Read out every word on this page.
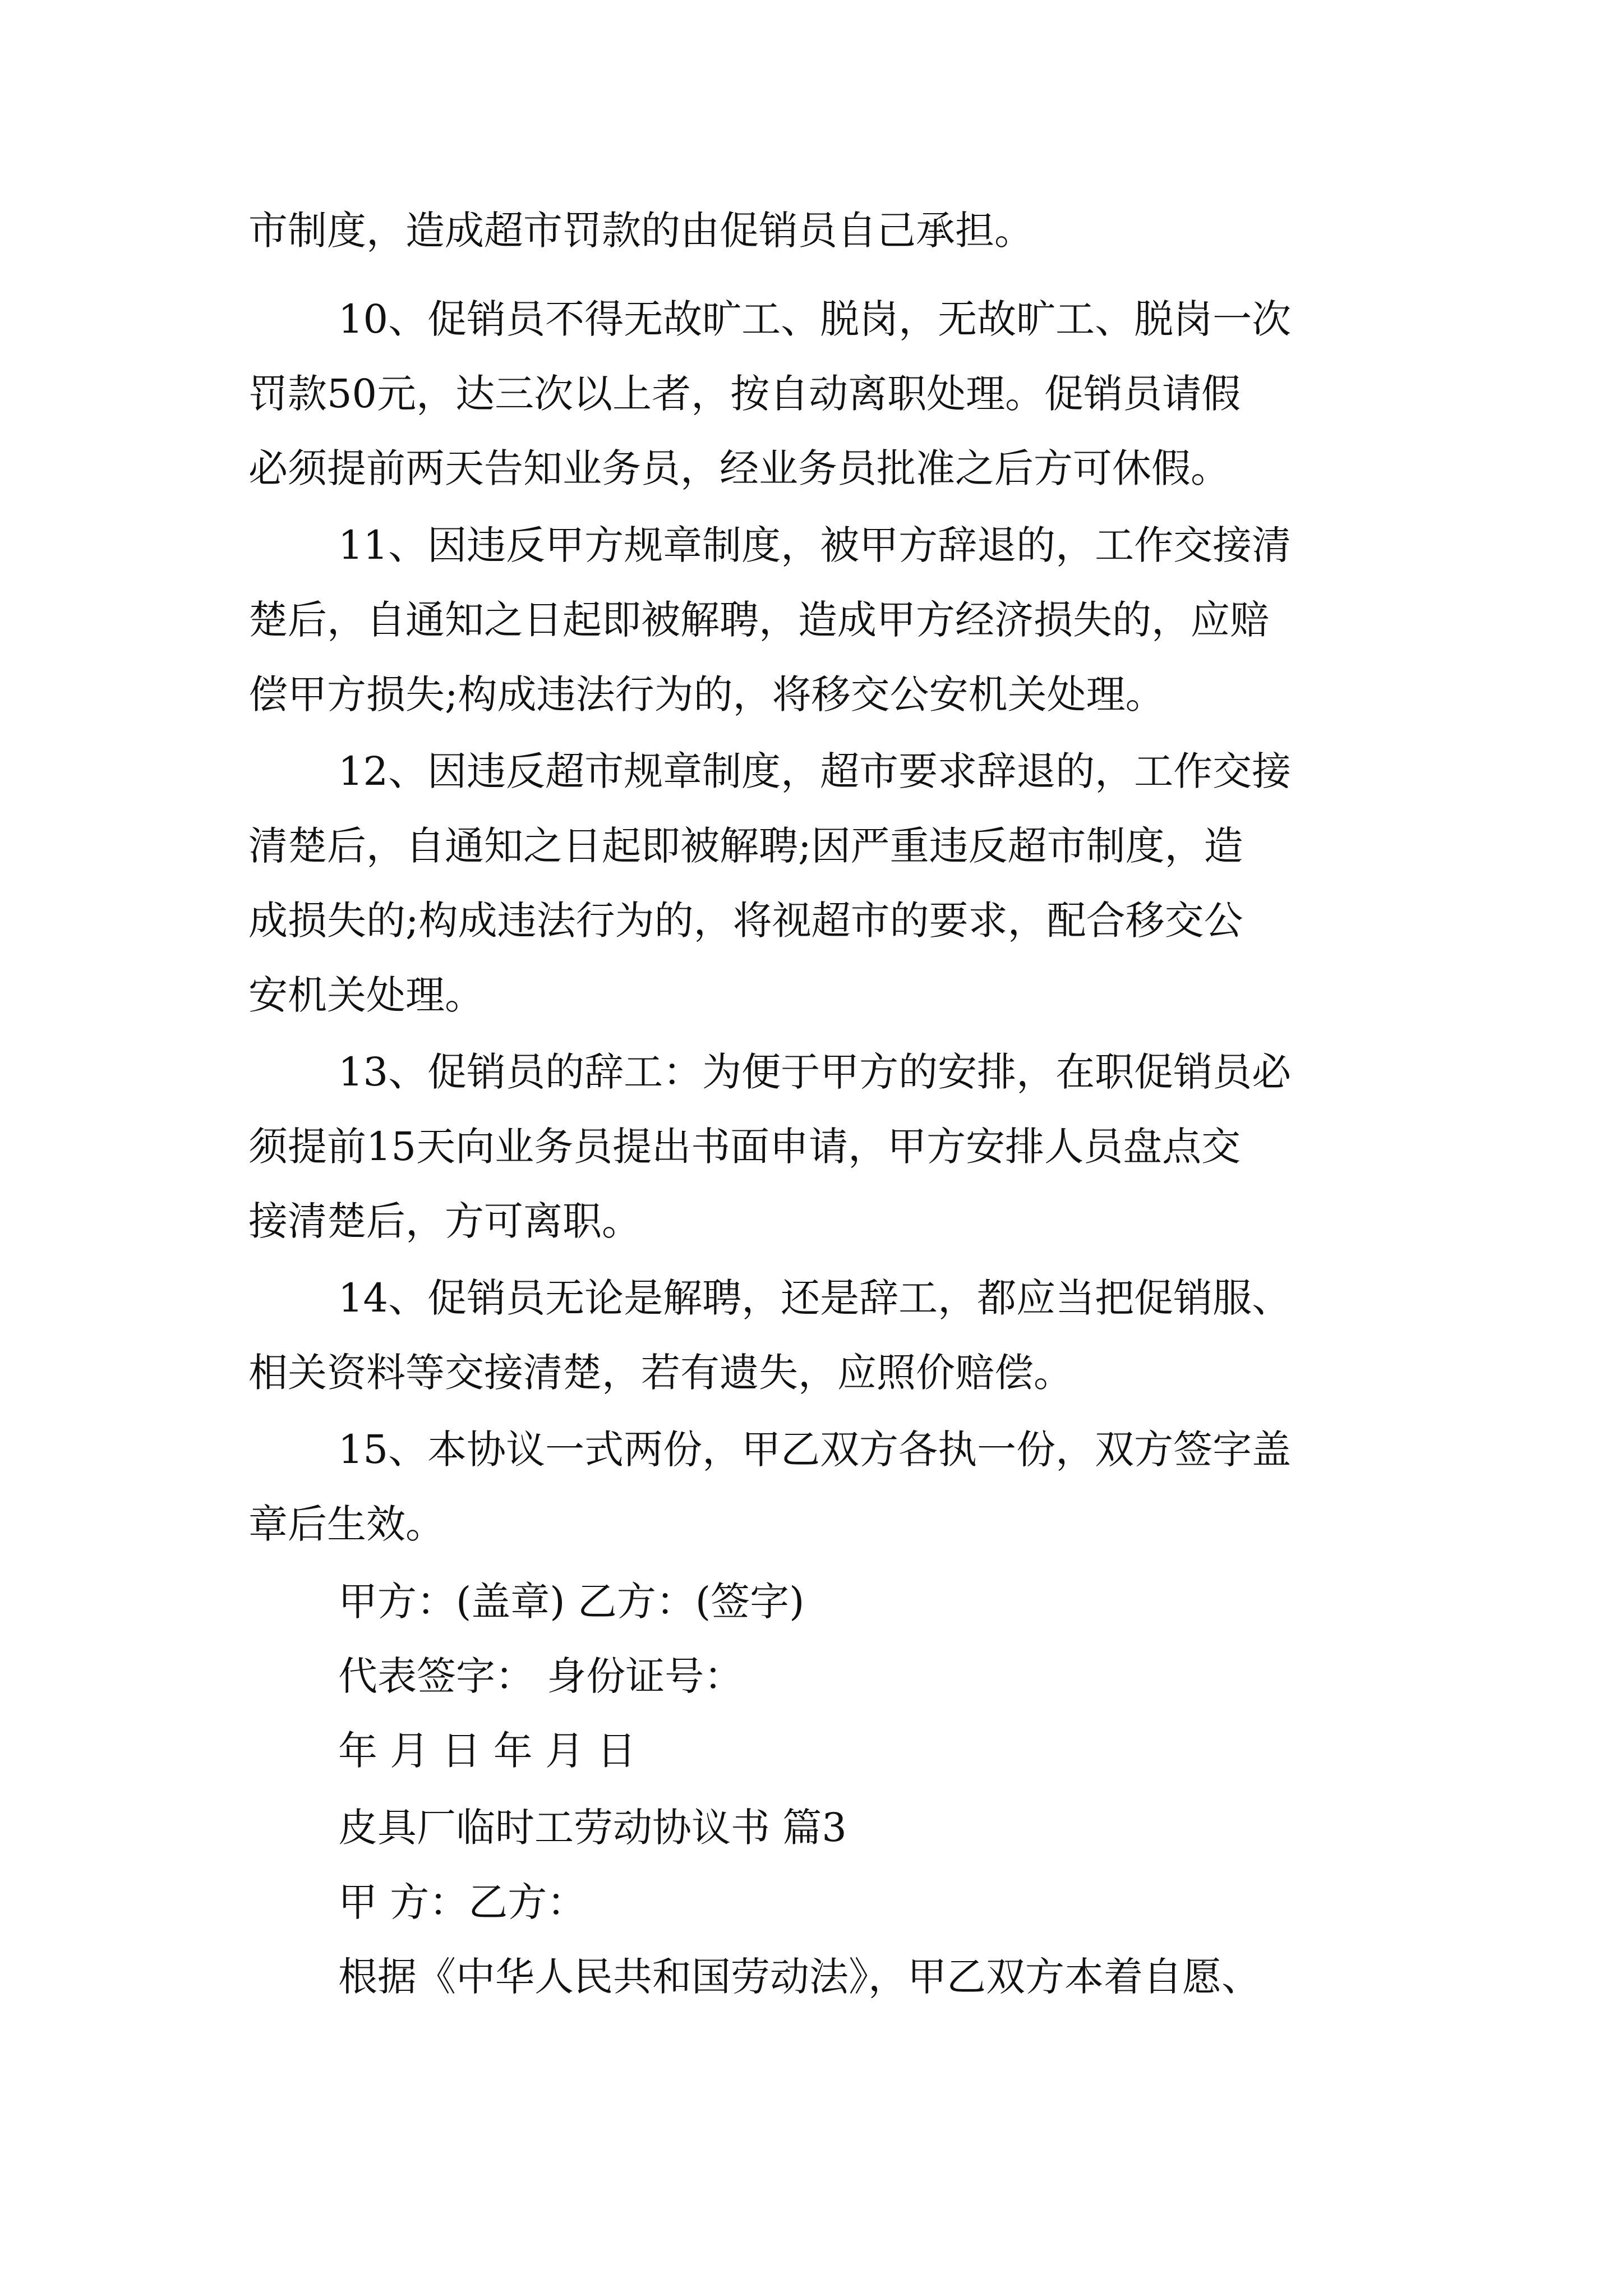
市制度，造成超市罚款的由促销员自己承担。
10、促销员不得无故旷工、脱岗，无故旷工、脱岗一次
罚款50元，达三次以上者，按自动离职处理。促销员请假
必须提前两天告知业务员，经业务员批准之后方可休假。
11、因违反甲方规章制度，被甲方辞退的，工作交接清
楚后，自通知之日起即被解聘，造成甲方经济损失的，应赔
偿甲方损失;构成违法行为的，将移交公安机关处理。
12、因违反超市规章制度，超市要求辞退的，工作交接
清楚后，自通知之日起即被解聘;因严重违反超市制度，造
成损失的;构成违法行为的，将视超市的要求，配合移交公
安机关处理。
13、促销员的辞工：为便于甲方的安排，在职促销员必
须提前15天向业务员提出书面申请，甲方安排人员盘点交
接清楚后，方可离职。
14、促销员无论是解聘，还是辞工，都应当把促销服、
相关资料等交接清楚，若有遗失，应照价赔偿。
15、本协议一式两份，甲乙双方各执一份，双方签字盖
章后生效。
甲方：(盖章) 乙方：(签字)
代表签字： 身份证号：
年 月 日 年 月 日
皮具厂临时工劳动协议书 篇3
甲 方：乙方：
根据《中华人民共和国劳动法》，甲乙双方本着自愿、
